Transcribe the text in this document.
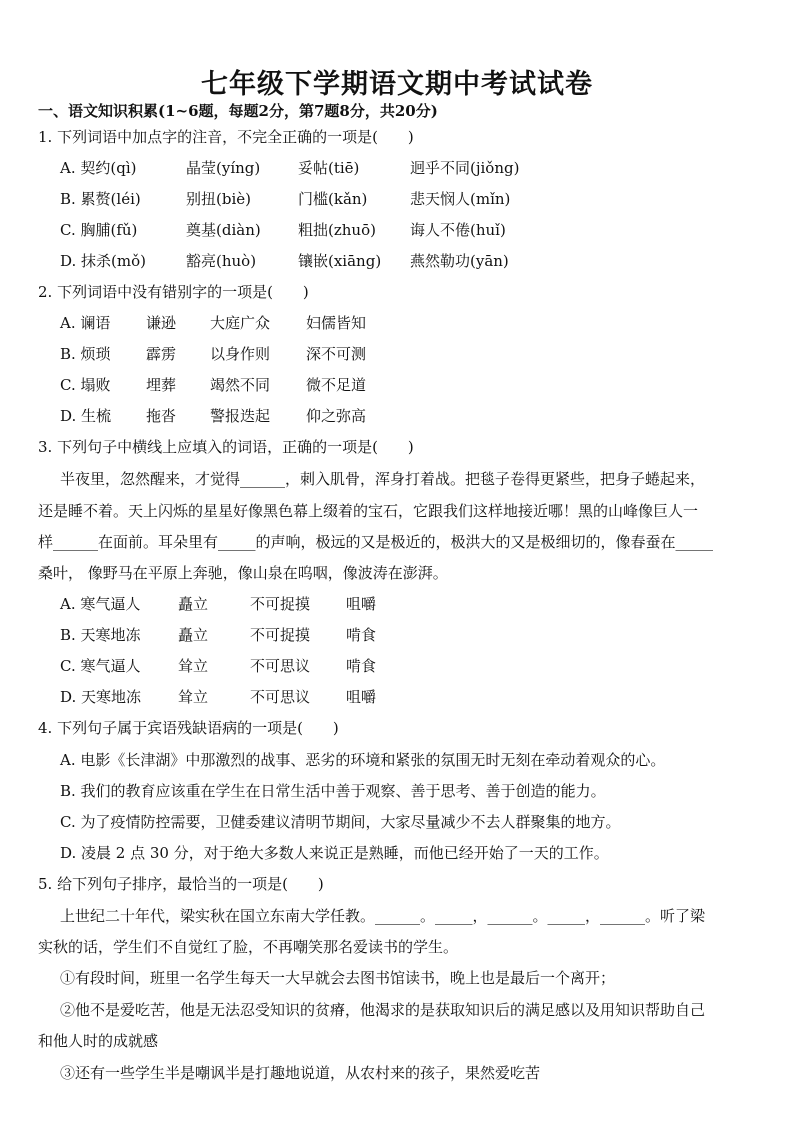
七年级下学期语文期中考试试卷
一、语文知识积累(1~6题，每题2分，第7题8分，共20分)
1. 下列词语中加点字的注音，不完全正确的一项是(　　)
A. 契约(qì)	晶莹(yíng)	妥帖(tiē)	迥乎不同(jiǒng)
B. 累赘(léi)	别扭(biè)	门槛(kǎn)	悲天悯人(mǐn)
C. 胸脯(fǔ)	奠基(diàn) 粗拙(zhuō) 诲人不倦(huǐ)
D. 抹杀(mǒ)	豁亮(huò)	镶嵌(xiāng) 燕然勒功(yān)
2. 下列词语中没有错别字的一项是(　　)
A. 谰语 谦逊 大庭广众 妇儒皆知
B. 烦琐 霹雳 以身作则 深不可测
C. 塌败 埋葬 竭然不同 微不足道
D. 生梳 拖沓 警报迭起 仰之弥高
3. 下列句子中横线上应填入的词语，正确的一项是(　　)
半夜里，忽然醒来，才觉得______，刺入肌骨，浑身打着战。把毯子卷得更紧些，把身子蜷起来，
还是睡不着。天上闪烁的星星好像黑色幕上缀着的宝石，它跟我们这样地接近哪！黑的山峰像巨人一
样______在面前。耳朵里有_____的声响，极远的又是极近的，极洪大的又是极细切的，像春蚕在_____
桑叶， 像野马在平原上奔驰，像山泉在呜咽，像波涛在澎湃。
A. 寒气逼人	矗立	不可捉摸 咀嚼
B. 天寒地冻 矗立	不可捉摸 啃食
C. 寒气逼人	耸立	不可思议 啃食
D. 天寒地冻 耸立	不可思议 咀嚼
4. 下列句子属于宾语残缺语病的一项是(　　)
A. 电影《长津湖》中那激烈的战事、恶劣的环境和紧张的氛围无时无刻在牵动着观众的心。
B. 我们的教育应该重在学生在日常生活中善于观察、善于思考、善于创造的能力。
C. 为了疫情防控需要，卫健委建议清明节期间，大家尽量减少不去人群聚集的地方。
D. 凌晨 2 点 30 分，对于绝大多数人来说正是熟睡，而他已经开始了一天的工作。
5. 给下列句子排序，最恰当的一项是(　　)
上世纪二十年代，梁实秋在国立东南大学任教。______。_____，______。_____，______。听了梁
实秋的话，学生们不自觉红了脸，不再嘲笑那名爱读书的学生。
①有段时间，班里一名学生每天一大早就会去图书馆读书，晚上也是最后一个离开；
②他不是爱吃苦，他是无法忍受知识的贫瘠，他渴求的是获取知识后的满足感以及用知识帮助自己
和他人时的成就感
③还有一些学生半是嘲讽半是打趣地说道，从农村来的孩子，果然爱吃苦
